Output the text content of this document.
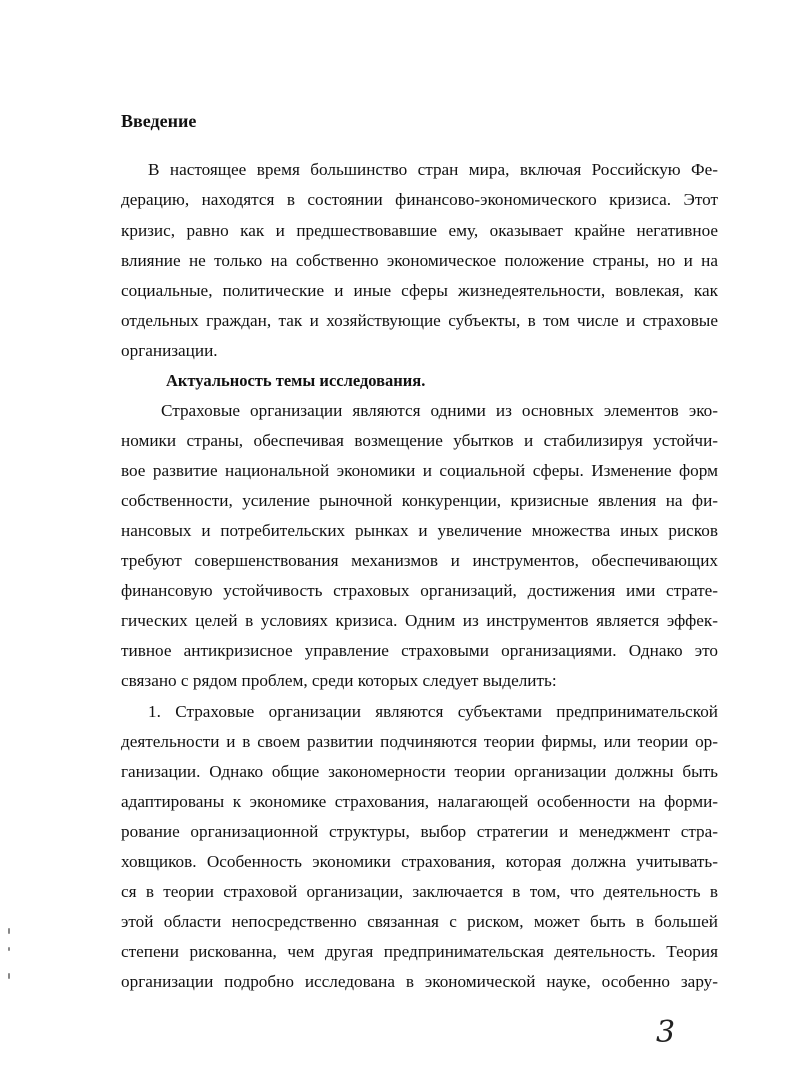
Введение

В настоящее время большинство стран мира, включая Российскую Фе-

дерацию, находятся в состоянии финансово-экономического кризиса. Этот

кризис, равно как и предшествовавшие ему, оказывает крайне негативное

влияние не только на собственно экономическое положение страны, но и на

социальные, политические и иные сферы жизнедеятельности, вовлекая, как

отдельных граждан, так и хозяйствующие субъекты, в том числе и страховые

организации.

Актуальность темы исследования.

Страховые организации являются одними из основных элементов эко-

номики страны, обеспечивая возмещение убытков и стабилизируя устойчи-

вое развитие национальной экономики и социальной сферы. Изменение форм

собственности, усиление рыночной конкуренции, кризисные явления на фи-

нансовых и потребительских рынках и увеличение множества иных рисков

требуют совершенствования механизмов и инструментов, обеспечивающих

финансовую устойчивость страховых организаций, достижения ими страте-

гических целей в условиях кризиса. Одним из инструментов является эффек-

тивное антикризисное управление страховыми организациями. Однако это

связано с рядом проблем, среди которых следует выделить:

1. Страховые организации являются субъектами предпринимательской

деятельности и в своем развитии подчиняются теории фирмы, или теории ор-

ганизации. Однако общие закономерности теории организации должны быть

адаптированы к экономике страхования, налагающей особенности на форми-

рование организационной структуры, выбор стратегии и менеджмент стра-

ховщиков. Особенность экономики страхования, которая должна учитывать-

ся в теории страховой организации, заключается в том, что деятельность в

этой области непосредственно связанная с риском, может быть в большей

степени рискованна, чем другая предпринимательская деятельность. Теория

организации подробно исследована в экономической науке, особенно зару-

3
